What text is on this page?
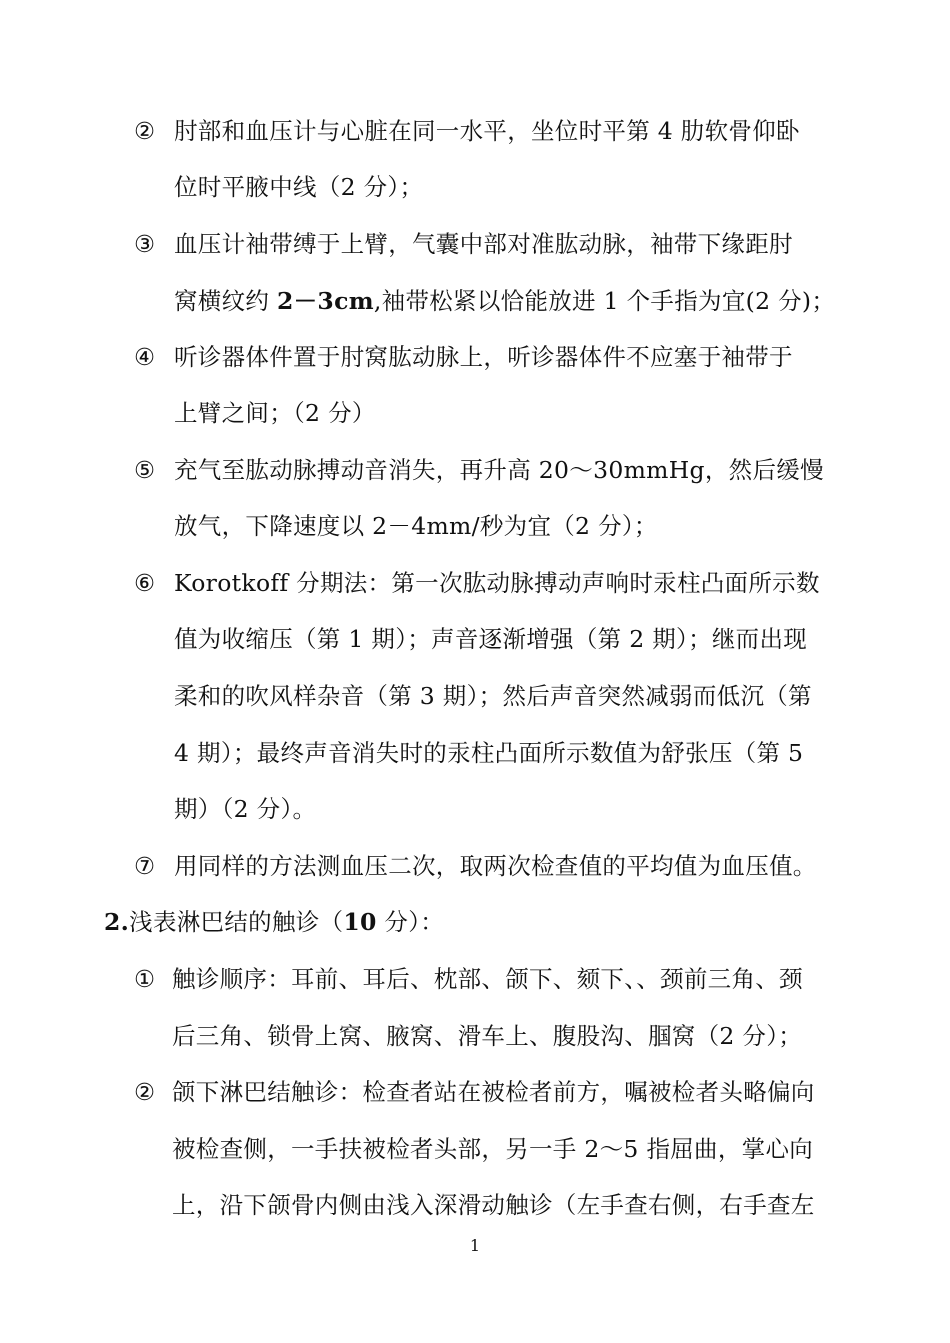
② 肘部和血压计与心脏在同一水平，坐位时平第 4 肋软骨仰卧
位时平腋中线（2 分）；
③ 血压计袖带缚于上臂，气囊中部对准肱动脉，袖带下缘距肘
窝横纹约 2－3cm,袖带松紧以恰能放进 1 个手指为宜(2 分)；
④ 听诊器体件置于肘窝肱动脉上，听诊器体件不应塞于袖带于
上臂之间；（2 分）
⑤ 充气至肱动脉搏动音消失，再升高 20～30mmHg，然后缓慢
放气，下降速度以 2－4mm/秒为宜（2 分）；
⑥ Korotkoff 分期法：第一次肱动脉搏动声响时汞柱凸面所示数
值为收缩压（第 1 期）；声音逐渐增强（第 2 期）；继而出现
柔和的吹风样杂音（第 3 期）；然后声音突然减弱而低沉（第
4 期）；最终声音消失时的汞柱凸面所示数值为舒张压（第 5
期）（2 分）。
⑦ 用同样的方法测血压二次，取两次检查值的平均值为血压值。
2.浅表淋巴结的触诊（10 分）：
① 触诊顺序：耳前、耳后、枕部、颌下、颏下、、颈前三角、颈
后三角、锁骨上窝、腋窝、滑车上、腹股沟、腘窝（2 分）；
② 颌下淋巴结触诊：检查者站在被检者前方，嘱被检者头略偏向
被检查侧，一手扶被检者头部，另一手 2～5 指屈曲，掌心向
上，沿下颌骨内侧由浅入深滑动触诊（左手查右侧，右手查左
1
